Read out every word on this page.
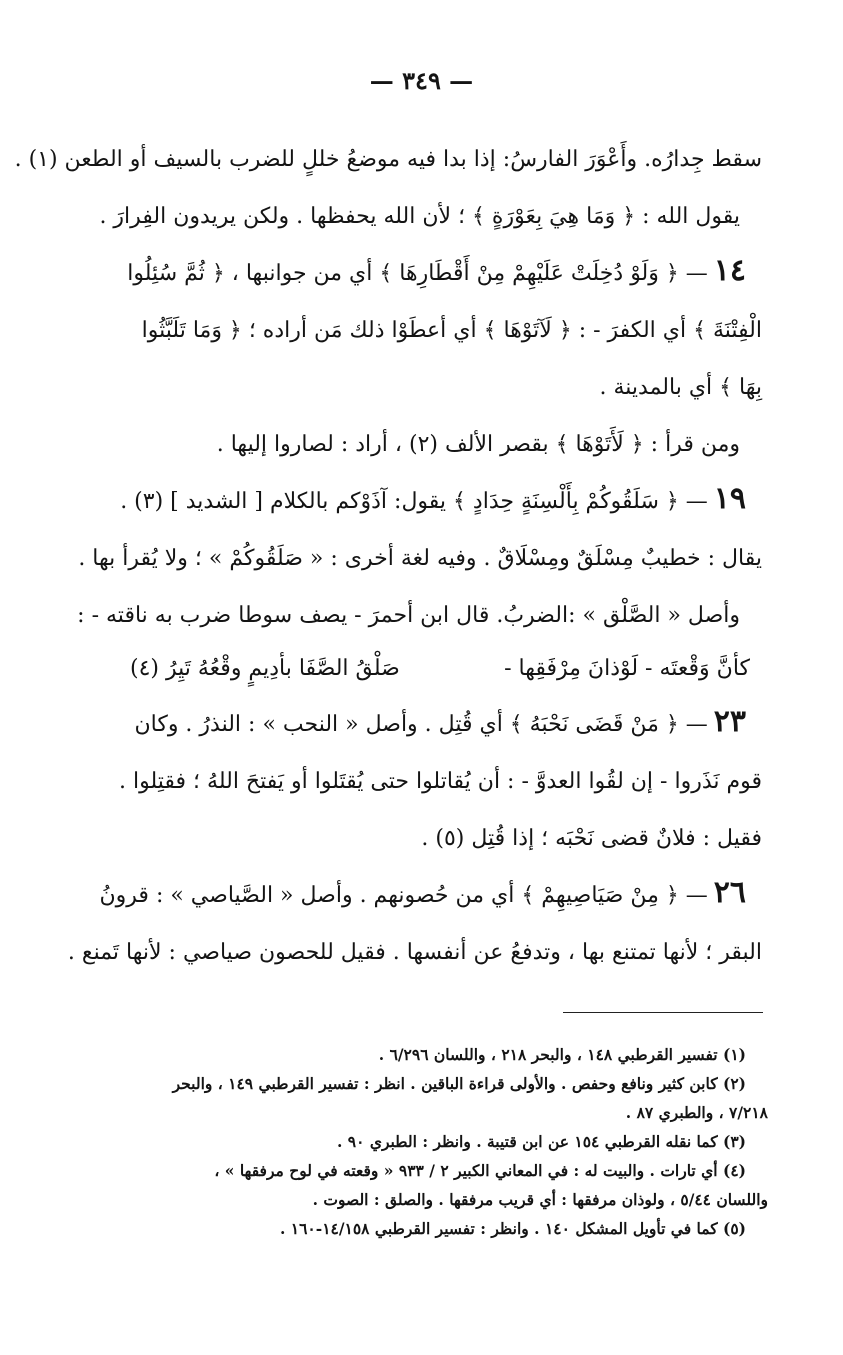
— ٣٤٩ —
سقط جِدارُه. وأَعْوَرَ الفارسُ: إذا بدا فيه موضعُ خللٍ للضرب بالسيف أو الطعن (١) .
يقول الله : ﴿ وَمَا هِيَ بِعَوْرَةٍ ﴾ ؛ لأن الله يحفظها . ولكن يريدون الفِرارَ .
١٤— ﴿ وَلَوْ دُخِلَتْ عَلَيْهِمْ مِنْ أَقْطَارِهَا ﴾ أي من جوانبها ، ﴿ ثُمَّ سُئِلُوا
الْفِتْنَةَ ﴾ أي الكفرَ - : ﴿ لَآتَوْهَا ﴾ أي أعطَوْا ذلك مَن أراده ؛ ﴿ وَمَا تَلَبَّثُوا
بِهَا ﴾ أي بالمدينة .
ومن قرأ : ﴿ لَأَتَوْهَا ﴾ بقصر الألف (٢) ، أراد : لصاروا إليها .
١٩— ﴿ سَلَقُوكُمْ بِأَلْسِنَةٍ حِدَادٍ ﴾ يقول: آذَوْكم بالكلام [ الشديد ] (٣) .
يقال : خطيبٌ مِسْلَقٌ ومِسْلَاقٌ . وفيه لغة أخرى : « صَلَقُوكُمْ » ؛ ولا يُقرأ بها .
وأصل « الصَّلْق » :الضربُ. قال ابن أحمرَ - يصف سوطا ضرب به ناقته - :
كأنَّ وَقْعتَه - لَوْذانَ مِرْفَقِها -
صَلْقُ الصَّفَا بأدِيمٍ وقْعُهُ تَيِرُ (٤)
٢٣— ﴿ مَنْ قَضَى نَحْبَهُ ﴾ أي قُتِل . وأصل « النحب » : النذرُ . وكان
قوم نَذَروا - إن لقُوا العدوَّ - : أن يُقاتلوا حتى يُقتَلوا أو يَفتحَ اللهُ ؛ فقتِلوا .
فقيل : فلانٌ قضى نَحْبَه ؛ إذا قُتِل (٥) .
٢٦— ﴿ مِنْ صَيَاصِيهِمْ ﴾ أي من حُصونهم . وأصل « الصَّياصي » : قرونُ
البقر ؛ لأنها تمتنع بها ، وتدفعُ عن أنفسها . فقيل للحصون صياصي : لأنها تَمنع .
(١) تفسير القرطبي ١٤٨ ، والبحر ٢١٨ ، واللسان ٦/٢٩٦ .
(٢) كابن كثير ونافع وحفص . والأولى قراءة الباقين . انظر : تفسير القرطبي ١٤٩ ، والبحر
٧/٢١٨ ، والطبري ٨٧ .
(٣) كما نقله القرطبي ١٥٤ عن ابن قتيبة . وانظر : الطبري ٩٠ .
(٤) أي تارات . والبيت له : في المعاني الكبير ٢ / ٩٣٣ « وقعته في لوح مرفقها » ،
واللسان ٥/٤٤ ، ولوذان مرفقها : أي قريب مرفقها . والصلق : الصوت .
(٥) كما في تأويل المشكل ١٤٠ . وانظر : تفسير القرطبي ١٤/١٥٨-١٦٠ .
